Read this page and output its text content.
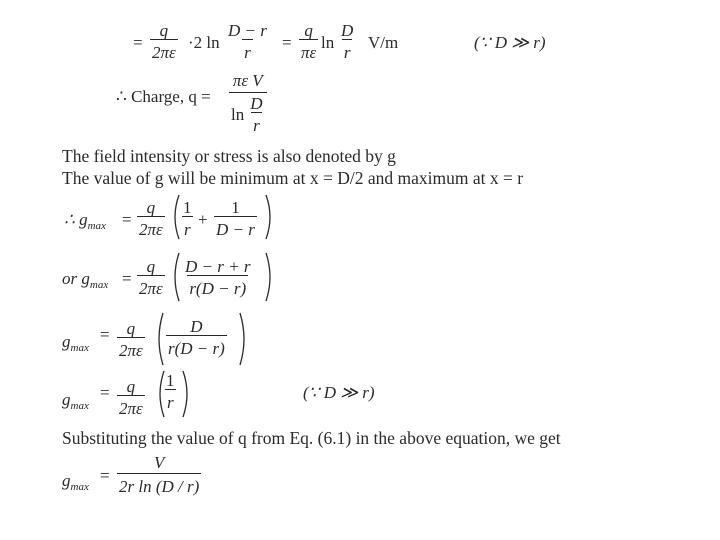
= $\frac{q}{2\pi\varepsilon} \cdot 2$ $\ln \frac{D - r}{r} = \frac{q}{\pi\varepsilon}$ $\ln \frac{D}{r} V/m$	(∵ D ≫ r)
∴ Charge, $q = \frac{\text{πε V}}{\ln \frac{D}{r}}$
The field intensity or stress is also denoted by g
The value of g will be minimum at x = D/2 and maximum at x = r
∴ $g_{max} = \frac{q}{2\pi\varepsilon} \frac{1}{r} + \frac{1}{D - r}$
or $g_{max} = \frac{q}{2\pi\varepsilon} \frac{D - r + r}{r(D - r)}$
$g_{max}$
= $\frac{q}{2\pi\varepsilon} \frac{D}{r(D - r)}$
$g_{max}$
= $\frac{q}{2\pi\varepsilon} \frac{1}{r}$	(∵ D ≫ r)
Substituting the value of q from Eq. (6.1) in the above equation, we get
$g_{max}$
= $\frac{V}{\text{2r ln (D / r)}}$
